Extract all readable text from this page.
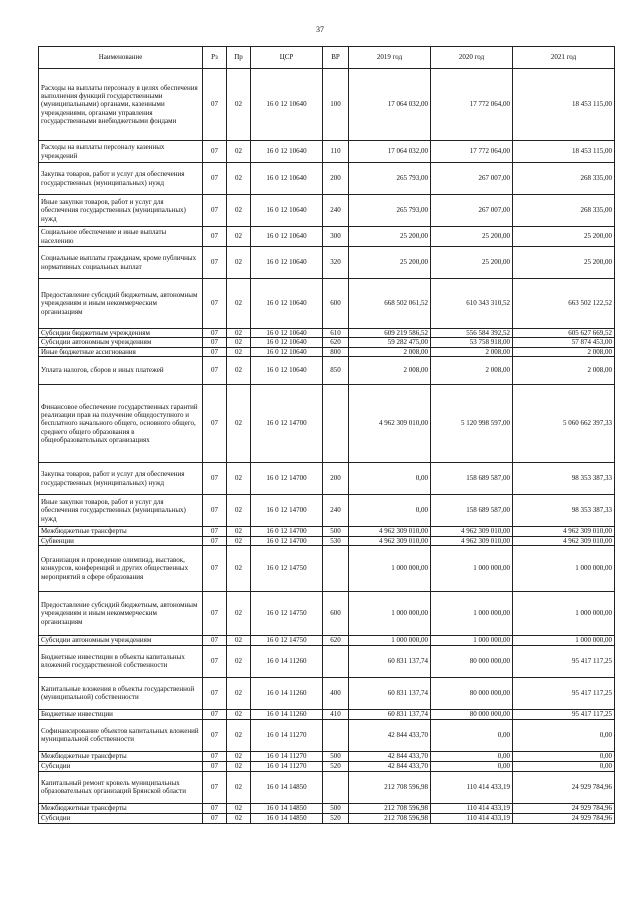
37
Наименование	Рз	Пр	ЦСР	ВР	2019 год	2020 год	2021 год
Расходы на выплаты персоналу в целях обеспечения выполнения функций государственными (муниципальными) органами, казенными учреждениями, органами управления государственными внебюджетными фондами	07	02	16 0 12 10640	100	17 064 032,00	17 772 064,00	18 453 115,00
Расходы на выплаты персоналу казенных учреждений	07	02	16 0 12 10640	110	17 064 032,00	17 772 064,00	18 453 115,00
Закупка товаров, работ и услуг для обеспечения государственных (муниципальных) нужд	07	02	16 0 12 10640	200	265 793,00	267 007,00	268 335,00
Иные закупки товаров, работ и услуг для обеспечения государственных (муниципальных) нужд	07	02	16 0 12 10640	240	265 793,00	267 007,00	268 335,00
Социальное обеспечение и иные выплаты населению	07	02	16 0 12 10640	300	25 200,00	25 200,00	25 200,00
Социальные выплаты гражданам, кроме публичных нормативных социальных выплат	07	02	16 0 12 10640	320	25 200,00	25 200,00	25 200,00
Предоставление субсидий бюджетным, автономным учреждениям и иным некоммерческим организациям	07	02	16 0 12 10640	600	668 502 061,52	610 343 310,52	663 502 122,52
Субсидии бюджетным учреждениям	07	02	16 0 12 10640	610	609 219 586,52	556 584 392,52	605 627 669,52
Субсидии автономным учреждениям	07	02	16 0 12 10640	620	59 282 475,00	53 758 918,00	57 874 453,00
Иные бюджетные ассигнования	07	02	16 0 12 10640	800	2 008,00	2 008,00	2 008,00
Уплата налогов, сборов и иных платежей	07	02	16 0 12 10640	850	2 008,00	2 008,00	2 008,00
Финансовое обеспечение государственных гарантий реализации прав на получение общедоступного и бесплатного начального общего, основного общего, среднего общего образования в общеобразовательных организациях	07	02	16 0 12 14700		4 962 309 010,00	5 120 998 597,00	5 060 662 397,33
Закупка товаров, работ и услуг для обеспечения государственных (муниципальных) нужд	07	02	16 0 12 14700	200	0,00	158 689 587,00	98 353 387,33
Иные закупки товаров, работ и услуг для обеспечения государственных (муниципальных) нужд	07	02	16 0 12 14700	240	0,00	158 689 587,00	98 353 387,33
Межбюджетные трансферты	07	02	16 0 12 14700	500	4 962 309 010,00	4 962 309 010,00	4 962 309 010,00
Субвенции	07	02	16 0 12 14700	530	4 962 309 010,00	4 962 309 010,00	4 962 309 010,00
Организация и проведение олимпиад, выставок, конкурсов, конференций и других общественных мероприятий в сфере образования	07	02	16 0 12 14750		1 000 000,00	1 000 000,00	1 000 000,00
Предоставление субсидий бюджетным, автономным учреждениям и иным некоммерческим организациям	07	02	16 0 12 14750	600	1 000 000,00	1 000 000,00	1 000 000,00
Субсидии автономным учреждениям	07	02	16 0 12 14750	620	1 000 000,00	1 000 000,00	1 000 000,00
Бюджетные инвестиции в объекты капитальных вложений государственной собственности	07	02	16 0 14 11260		60 831 137,74	80 000 000,00	95 417 117,25
Капитальные вложения в объекты государственной (муниципальной) собственности	07	02	16 0 14 11260	400	60 831 137,74	80 000 000,00	95 417 117,25
Бюджетные инвестиции	07	02	16 0 14 11260	410	60 831 137,74	80 000 000,00	95 417 117,25
Софинансирование объектов капитальных вложений муниципальной собственности	07	02	16 0 14 11270		42 844 433,70	0,00	0,00
Межбюджетные трансферты	07	02	16 0 14 11270	500	42 844 433,70	0,00	0,00
Субсидии	07	02	16 0 14 11270	520	42 844 433,70	0,00	0,00
Капитальный ремонт кровель муниципальных образовательных организаций Брянской области	07	02	16 0 14 14850		212 708 596,98	110 414 433,19	24 929 784,96
Межбюджетные трансферты	07	02	16 0 14 14850	500	212 708 596,98	110 414 433,19	24 929 784,96
Субсидии	07	02	16 0 14 14850	520	212 708 596,98	110 414 433,19	24 929 784,96
